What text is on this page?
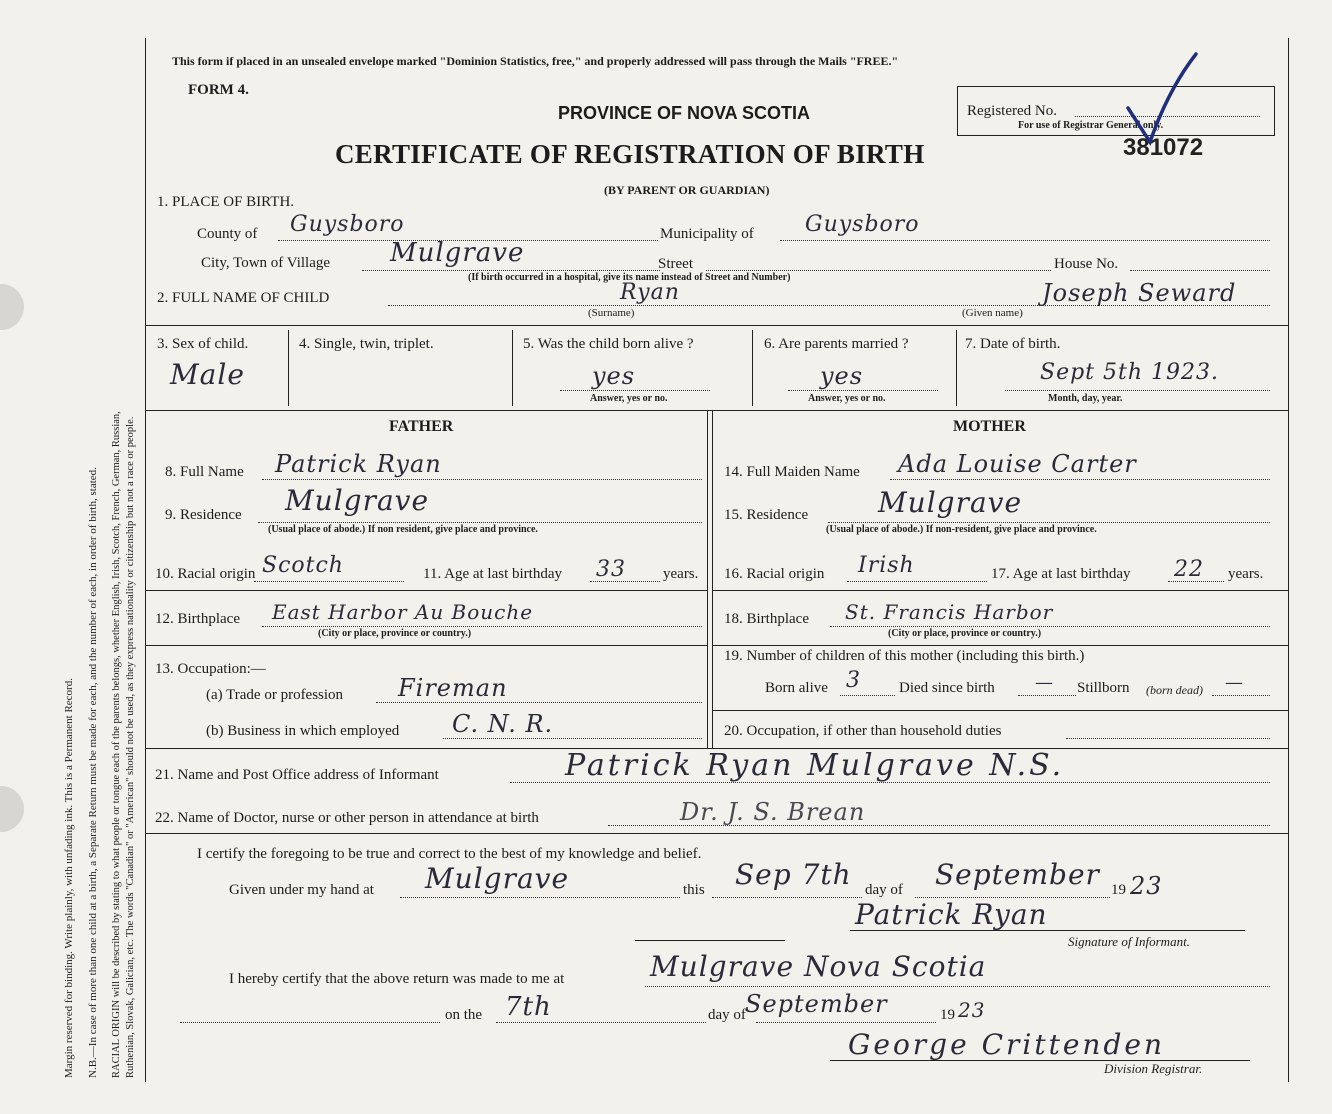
Margin reserved for binding. Write plainly, with unfading ink. This is a Permanent Record. N.B.—In case of more than one child at a birth, a Separate Return must be made for each, and the number of each, in order of birth, stated. RACIAL ORIGIN will be described by stating to what people or tongue each of the parents belongs, whether English, Irish, Scotch, French, German, Russian, Ruthenian, Slovak, Galician, etc. The words "Canadian" or "American" should not be used, as they express nationality or citizenship but not a race or people.
This form if placed in an unsealed envelope marked "Dominion Statistics, free," and properly addressed will pass through the Mails "FREE."
FORM 4.
PROVINCE OF NOVA SCOTIA
CERTIFICATE OF REGISTRATION OF BIRTH
(BY PARENT OR GUARDIAN)
Registered No.
For use of Registrar General only.
381072
1. PLACE OF BIRTH.
County of Guysboro	Municipality of Guysboro
City, Town of Village Mulgrave	Street	House No.
(If birth occurred in a hospital, give its name instead of Street and Number)
2. FULL NAME OF CHILD	Ryan
(Surname)
Joseph Seward
(Given name)
3. Sex of child.
Male
4. Single, twin, triplet.	5. Was the child born alive ?
yes
Answer, yes or no.
6. Are parents married ?
yes
Answer, yes or no.
7. Date of birth.
Sept 5th 1923.
Month, day, year.
FATHER
8. Full Name Patrick Ryan
9. Residence Mulgrave
(Usual place of abode.) If non resident, give place and province.
10. Racial origin Scotch	11. Age at last birthday 33 years.
12. Birthplace East Harbor Au Bouche
(City or place, province or country.)
13. Occupation:—
(a) Trade or profession Fireman
(b) Business in which employed C. N. R.
MOTHER
14. Full Maiden Name Ada Louise Carter
15. Residence Mulgrave
(Usual place of abode.) If non-resident, give place and province.
16. Racial origin Irish	17. Age at last birthday 22 years.
18. Birthplace St. Francis Harbor
(City or place, province or country.)
19. Number of children of this mother (including this birth.)
Born alive 3	Died since birth — Stillborn (born dead) —
20. Occupation, if other than household duties
21. Name and Post Office address of Informant	Patrick Ryan Mulgrave N.S.
22. Name of Doctor, nurse or other person in attendance at birth	Dr. J. S. Brean
I certify the foregoing to be true and correct to the best of my knowledge and belief.
Given under my hand at Mulgrave	this Sep 7th day of September 19 23
Patrick Ryan
Signature of Informant.
I hereby certify that the above return was made to me at	Mulgrave Nova Scotia
on the 7th	day of September	19 23
George Crittenden
Division Registrar.
